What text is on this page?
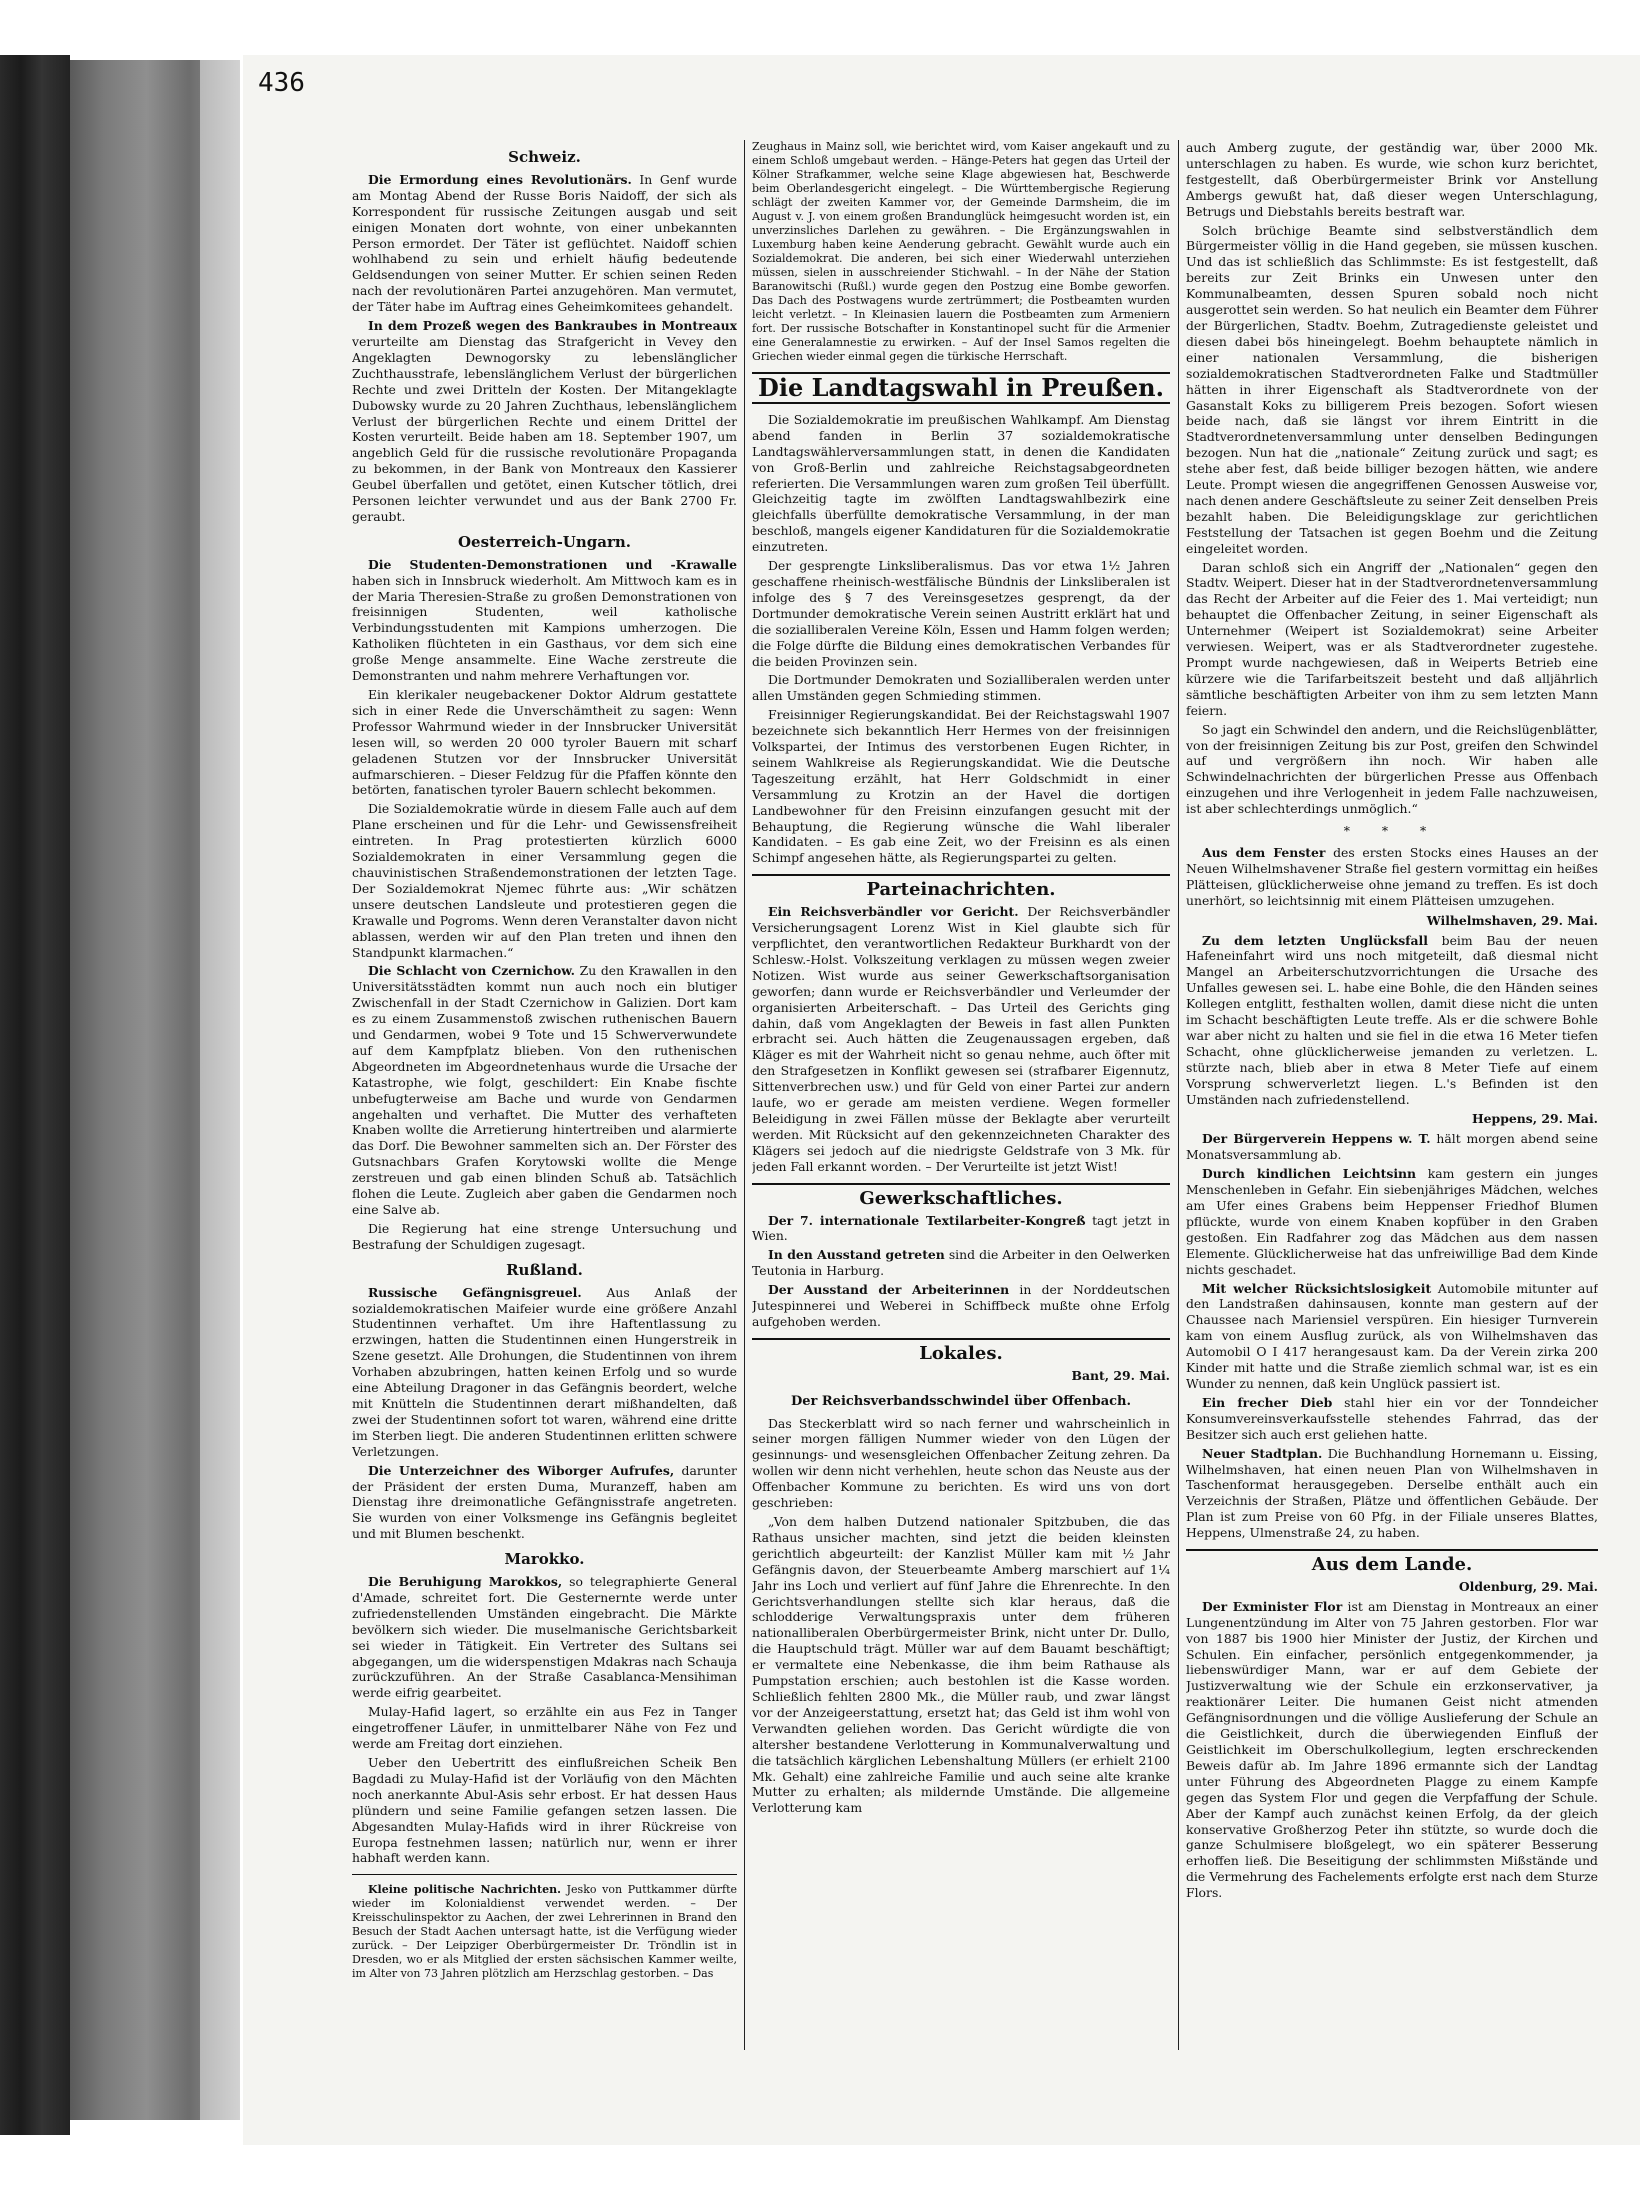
436
Schweiz.

Die Ermordung eines Revolutionärs. In Genf wurde am Montag Abend der Russe Boris Naidoff, der sich als Korrespondent für russische Zeitungen ausgab und seit einigen Monaten dort wohnte, von einer unbekannten Person ermordet. Der Täter ist geflüchtet. Naidoff schien wohlhabend zu sein und erhielt häufig bedeutende Geldsendungen von seiner Mutter. Er schien seinen Reden nach der revolutionären Partei anzugehören. Man vermutet, der Täter habe im Auftrag eines Geheimkomitees gehandelt.

In dem Prozeß wegen des Bankraubes in Montreaux verurteilte am Dienstag das Strafgericht in Vevey den Angeklagten Dewnogorsky zu lebenslänglicher Zuchthausstrafe, lebenslänglichem Verlust der bürgerlichen Rechte und zwei Dritteln der Kosten. Der Mitangeklagte Dubowsky wurde zu 20 Jahren Zuchthaus, lebenslänglichem Verlust der bürgerlichen Rechte und einem Drittel der Kosten verurteilt. Beide haben am 18. September 1907, um angeblich Geld für die russische revolutionäre Propaganda zu bekommen, in der Bank von Montreaux den Kassierer Geubel überfallen und getötet, einen Kutscher tötlich, drei Personen leichter verwundet und aus der Bank 2700 Fr. geraubt.

Oesterreich-Ungarn.

Die Studenten-Demonstrationen und -Krawalle haben sich in Innsbruck wiederholt. Am Mittwoch kam es in der Maria Theresien-Straße zu großen Demonstrationen von freisinnigen Studenten, weil katholische Verbindungsstudenten mit Kampions umherzogen. Die Katholiken flüchteten in ein Gasthaus, vor dem sich eine große Menge ansammelte. Eine Wache zerstreute die Demonstranten und nahm mehrere Verhaftungen vor.

Ein klerikaler neugebackener Doktor Aldrum gestattete sich in einer Rede die Unverschämtheit zu sagen: Wenn Professor Wahrmund wieder in der Innsbrucker Universität lesen will, so werden 20 000 tyroler Bauern mit scharf geladenen Stutzen vor der Innsbrucker Universität aufmarschieren. – Dieser Feldzug für die Pfaffen könnte den betörten, fanatischen tyroler Bauern schlecht bekommen.

Die Sozialdemokratie würde in diesem Falle auch auf dem Plane erscheinen und für die Lehr- und Gewissensfreiheit eintreten. In Prag protestierten kürzlich 6000 Sozialdemokraten in einer Versammlung gegen die chauvinistischen Straßendemonstrationen der letzten Tage. Der Sozialdemokrat Njemec führte aus: „Wir schätzen unsere deutschen Landsleute und protestieren gegen die Krawalle und Pogroms. Wenn deren Veranstalter davon nicht ablassen, werden wir auf den Plan treten und ihnen den Standpunkt klarmachen.“

Die Schlacht von Czernichow. Zu den Krawallen in den Universitätsstädten kommt nun auch noch ein blutiger Zwischenfall in der Stadt Czernichow in Galizien. Dort kam es zu einem Zusammenstoß zwischen ruthenischen Bauern und Gendarmen, wobei 9 Tote und 15 Schwerverwundete auf dem Kampfplatz blieben. Von den ruthenischen Abgeordneten im Abgeordnetenhaus wurde die Ursache der Katastrophe, wie folgt, geschildert: Ein Knabe fischte unbefugterweise am Bache und wurde von Gendarmen angehalten und verhaftet. Die Mutter des verhafteten Knaben wollte die Arretierung hintertreiben und alarmierte das Dorf. Die Bewohner sammelten sich an. Der Förster des Gutsnachbars Grafen Korytowski wollte die Menge zerstreuen und gab einen blinden Schuß ab. Tatsächlich flohen die Leute. Zugleich aber gaben die Gendarmen noch eine Salve ab.

Die Regierung hat eine strenge Untersuchung und Bestrafung der Schuldigen zugesagt.

Rußland.

Russische Gefängnisgreuel. Aus Anlaß der sozialdemokratischen Maifeier wurde eine größere Anzahl Studentinnen verhaftet. Um ihre Haftentlassung zu erzwingen, hatten die Studentinnen einen Hungerstreik in Szene gesetzt. Alle Drohungen, die Studentinnen von ihrem Vorhaben abzubringen, hatten keinen Erfolg und so wurde eine Abteilung Dragoner in das Gefängnis beordert, welche mit Knütteln die Studentinnen derart mißhandelten, daß zwei der Studentinnen sofort tot waren, während eine dritte im Sterben liegt. Die anderen Studentinnen erlitten schwere Verletzungen.

Die Unterzeichner des Wiborger Aufrufes, darunter der Präsident der ersten Duma, Muranzeff, haben am Dienstag ihre dreimonatliche Gefängnisstrafe angetreten. Sie wurden von einer Volksmenge ins Gefängnis begleitet und mit Blumen beschenkt.

Marokko.

Die Beruhigung Marokkos, so telegraphierte General d'Amade, schreitet fort. Die Gesternernte werde unter zufriedenstellenden Umständen eingebracht. Die Märkte bevölkern sich wieder. Die muselmanische Gerichtsbarkeit sei wieder in Tätigkeit. Ein Vertreter des Sultans sei abgegangen, um die widerspenstigen Mdakras nach Schauja zurückzuführen. An der Straße Casablanca-Mensihiman werde eifrig gearbeitet.

Mulay-Hafid lagert, so erzählte ein aus Fez in Tanger eingetroffener Läufer, in unmittelbarer Nähe von Fez und werde am Freitag dort einziehen.

Ueber den Uebertritt des einflußreichen Scheik Ben Bagdadi zu Mulay-Hafid ist der Vorläufig von den Mächten noch anerkannte Abul-Asis sehr erbost. Er hat dessen Haus plündern und seine Familie gefangen setzen lassen. Die Abgesandten Mulay-Hafids wird in ihrer Rückreise von Europa festnehmen lassen; natürlich nur, wenn er ihrer habhaft werden kann.

Kleine politische Nachrichten. Jesko von Puttkammer dürfte wieder im Kolonialdienst verwendet werden. – Der Kreisschulinspektor zu Aachen, der zwei Lehrerinnen in Brand den Besuch der Stadt Aachen untersagt hatte, ist die Verfügung wieder zurück. – Der Leipziger Oberbürgermeister Dr. Tröndlin ist in Dresden, wo er als Mitglied der ersten sächsischen Kammer weilte, im Alter von 73 Jahren plötzlich am Herzschlag gestorben. – Das

Zeughaus in Mainz soll, wie berichtet wird, vom Kaiser angekauft und zu einem Schloß umgebaut werden. – Hänge-Peters hat gegen das Urteil der Kölner Strafkammer, welche seine Klage abgewiesen hat, Beschwerde beim Oberlandesgericht eingelegt. – Die Württembergische Regierung schlägt der zweiten Kammer vor, der Gemeinde Darmsheim, die im August v. J. von einem großen Brandunglück heimgesucht worden ist, ein unverzinsliches Darlehen zu gewähren. – Die Ergänzungswahlen in Luxemburg haben keine Aenderung gebracht. Gewählt wurde auch ein Sozialdemokrat. Die anderen, bei sich einer Wiederwahl unterziehen müssen, sielen in ausschreiender Stichwahl. – In der Nähe der Station Baranowitschi (Rußl.) wurde gegen den Postzug eine Bombe geworfen. Das Dach des Postwagens wurde zertrümmert; die Postbeamten wurden leicht verletzt. – In Kleinasien lauern die Postbeamten zum Armeniern fort. Der russische Botschafter in Konstantinopel sucht für die Armenier eine Generalamnestie zu erwirken. – Auf der Insel Samos regelten die Griechen wieder einmal gegen die türkische Herrschaft.

Die Landtagswahl in Preußen.

Die Sozialdemokratie im preußischen Wahlkampf. Am Dienstag abend fanden in Berlin 37 sozialdemokratische Landtagswählerversammlungen statt, in denen die Kandidaten von Groß-Berlin und zahlreiche Reichstagsabgeordneten referierten. Die Versammlungen waren zum großen Teil überfüllt. Gleichzeitig tagte im zwölften Landtagswahlbezirk eine gleichfalls überfüllte demokratische Versammlung, in der man beschloß, mangels eigener Kandidaturen für die Sozialdemokratie einzutreten.

Der gesprengte Linksliberalismus. Das vor etwa 1½ Jahren geschaffene rheinisch-westfälische Bündnis der Linksliberalen ist infolge des § 7 des Vereinsgesetzes gesprengt, da der Dortmunder demokratische Verein seinen Austritt erklärt hat und die sozialliberalen Vereine Köln, Essen und Hamm folgen werden; die Folge dürfte die Bildung eines demokratischen Verbandes für die beiden Provinzen sein.

Die Dortmunder Demokraten und Sozialliberalen werden unter allen Umständen gegen Schmieding stimmen.

Freisinniger Regierungskandidat. Bei der Reichstagswahl 1907 bezeichnete sich bekanntlich Herr Hermes von der freisinnigen Volkspartei, der Intimus des verstorbenen Eugen Richter, in seinem Wahlkreise als Regierungskandidat. Wie die Deutsche Tageszeitung erzählt, hat Herr Goldschmidt in einer Versammlung zu Krotzin an der Havel die dortigen Landbewohner für den Freisinn einzufangen gesucht mit der Behauptung, die Regierung wünsche die Wahl liberaler Kandidaten. – Es gab eine Zeit, wo der Freisinn es als einen Schimpf angesehen hätte, als Regierungspartei zu gelten.

Parteinachrichten.

Ein Reichsverbändler vor Gericht. Der Reichsverbändler Versicherungsagent Lorenz Wist in Kiel glaubte sich für verpflichtet, den verantwortlichen Redakteur Burkhardt von der Schlesw.-Holst. Volkszeitung verklagen zu müssen wegen zweier Notizen. Wist wurde aus seiner Gewerkschaftsorganisation geworfen; dann wurde er Reichsverbändler und Verleumder der organisierten Arbeiterschaft. – Das Urteil des Gerichts ging dahin, daß vom Angeklagten der Beweis in fast allen Punkten erbracht sei. Auch hätten die Zeugenaussagen ergeben, daß Kläger es mit der Wahrheit nicht so genau nehme, auch öfter mit den Strafgesetzen in Konflikt gewesen sei (strafbarer Eigennutz, Sittenverbrechen usw.) und für Geld von einer Partei zur andern laufe, wo er gerade am meisten verdiene. Wegen formeller Beleidigung in zwei Fällen müsse der Beklagte aber verurteilt werden. Mit Rücksicht auf den gekennzeichneten Charakter des Klägers sei jedoch auf die niedrigste Geldstrafe von 3 Mk. für jeden Fall erkannt worden. – Der Verurteilte ist jetzt Wist!

Gewerkschaftliches.

Der 7. internationale Textilarbeiter-Kongreß tagt jetzt in Wien.

In den Ausstand getreten sind die Arbeiter in den Oelwerken Teutonia in Harburg.

Der Ausstand der Arbeiterinnen in der Norddeutschen Jutespinnerei und Weberei in Schiffbeck mußte ohne Erfolg aufgehoben werden.

Lokales.
Bant, 29. Mai.
Der Reichsverbandsschwindel über Offenbach.

Das Steckerblatt wird so nach ferner und wahrscheinlich in seiner morgen fälligen Nummer wieder von den Lügen der gesinnungs- und wesensgleichen Offenbacher Zeitung zehren. Da wollen wir denn nicht verhehlen, heute schon das Neuste aus der Offenbacher Kommune zu berichten. Es wird uns von dort geschrieben:

„Von dem halben Dutzend nationaler Spitzbuben, die das Rathaus unsicher machten, sind jetzt die beiden kleinsten gerichtlich abgeurteilt: der Kanzlist Müller kam mit ½ Jahr Gefängnis davon, der Steuerbeamte Amberg marschiert auf 1¼ Jahr ins Loch und verliert auf fünf Jahre die Ehrenrechte. In den Gerichtsverhandlungen stellte sich klar heraus, daß die schlodderige Verwaltungspraxis unter dem früheren nationalliberalen Oberbürgermeister Brink, nicht unter Dr. Dullo, die Hauptschuld trägt. Müller war auf dem Bauamt beschäftigt; er vermaltete eine Nebenkasse, die ihm beim Rathause als Pumpstation erschien; auch bestohlen ist die Kasse worden. Schließlich fehlten 2800 Mk., die Müller raub, und zwar längst vor der Anzeigeerstattung, ersetzt hat; das Geld ist ihm wohl von Verwandten geliehen worden. Das Gericht würdigte die von altersher bestandene Verlotterung in Kommunalverwaltung und die tatsächlich kärglichen Lebenshaltung Müllers (er erhielt 2100 Mk. Gehalt) eine zahlreiche Familie und auch seine alte kranke Mutter zu erhalten; als mildernde Umstände. Die allgemeine Verlotterung kam

auch Amberg zugute, der geständig war, über 2000 Mk. unterschlagen zu haben. Es wurde, wie schon kurz berichtet, festgestellt, daß Oberbürgermeister Brink vor Anstellung Ambergs gewußt hat, daß dieser wegen Unterschlagung, Betrugs und Diebstahls bereits bestraft war.

Solch brüchige Beamte sind selbstverständlich dem Bürgermeister völlig in die Hand gegeben, sie müssen kuschen. Und das ist schließlich das Schlimmste: Es ist festgestellt, daß bereits zur Zeit Brinks ein Unwesen unter den Kommunalbeamten, dessen Spuren sobald noch nicht ausgerottet sein werden. So hat neulich ein Beamter dem Führer der Bürgerlichen, Stadtv. Boehm, Zutragedienste geleistet und diesen dabei bös hineingelegt. Boehm behauptete nämlich in einer nationalen Versammlung, die bisherigen sozialdemokratischen Stadtverordneten Falke und Stadtmüller hätten in ihrer Eigenschaft als Stadtverordnete von der Gasanstalt Koks zu billigerem Preis bezogen. Sofort wiesen beide nach, daß sie längst vor ihrem Eintritt in die Stadtverordnetenversammlung unter denselben Bedingungen bezogen. Nun hat die „nationale“ Zeitung zurück und sagt; es stehe aber fest, daß beide billiger bezogen hätten, wie andere Leute. Prompt wiesen die angegriffenen Genossen Ausweise vor, nach denen andere Geschäftsleute zu seiner Zeit denselben Preis bezahlt haben. Die Beleidigungsklage zur gerichtlichen Feststellung der Tatsachen ist gegen Boehm und die Zeitung eingeleitet worden.

Daran schloß sich ein Angriff der „Nationalen“ gegen den Stadtv. Weipert. Dieser hat in der Stadtverordnetenversammlung das Recht der Arbeiter auf die Feier des 1. Mai verteidigt; nun behauptet die Offenbacher Zeitung, in seiner Eigenschaft als Unternehmer (Weipert ist Sozialdemokrat) seine Arbeiter verwiesen. Weipert, was er als Stadtverordneter zugestehe. Prompt wurde nachgewiesen, daß in Weiperts Betrieb eine kürzere wie die Tarifarbeitszeit besteht und daß alljährlich sämtliche beschäftigten Arbeiter von ihm zu sem letzten Mann feiern.

So jagt ein Schwindel den andern, und die Reichslügenblätter, von der freisinnigen Zeitung bis zur Post, greifen den Schwindel auf und vergrößern ihn noch. Wir haben alle Schwindelnachrichten der bürgerlichen Presse aus Offenbach einzugehen und ihre Verlogenheit in jedem Falle nachzuweisen, ist aber schlechterdings unmöglich.“

* * *

Aus dem Fenster des ersten Stocks eines Hauses an der Neuen Wilhelmshavener Straße fiel gestern vormittag ein heißes Plätteisen, glücklicherweise ohne jemand zu treffen. Es ist doch unerhört, so leichtsinnig mit einem Plätteisen umzugehen.

Wilhelmshaven, 29. Mai.

Zu dem letzten Unglücksfall beim Bau der neuen Hafeneinfahrt wird uns noch mitgeteilt, daß diesmal nicht Mangel an Arbeiterschutzvorrichtungen die Ursache des Unfalles gewesen sei. L. habe eine Bohle, die den Händen seines Kollegen entglitt, festhalten wollen, damit diese nicht die unten im Schacht beschäftigten Leute treffe. Als er die schwere Bohle war aber nicht zu halten und sie fiel in die etwa 16 Meter tiefen Schacht, ohne glücklicherweise jemanden zu verletzen. L. stürzte nach, blieb aber in etwa 8 Meter Tiefe auf einem Vorsprung schwerverletzt liegen. L.'s Befinden ist den Umständen nach zufriedenstellend.

Heppens, 29. Mai.

Der Bürgerverein Heppens w. T. hält morgen abend seine Monatsversammlung ab.

Durch kindlichen Leichtsinn kam gestern ein junges Menschenleben in Gefahr. Ein siebenjähriges Mädchen, welches am Ufer eines Grabens beim Heppenser Friedhof Blumen pflückte, wurde von einem Knaben kopfüber in den Graben gestoßen. Ein Radfahrer zog das Mädchen aus dem nassen Elemente. Glücklicherweise hat das unfreiwillige Bad dem Kinde nichts geschadet.

Mit welcher Rücksichtslosigkeit Automobile mitunter auf den Landstraßen dahinsausen, konnte man gestern auf der Chaussee nach Mariensiel verspüren. Ein hiesiger Turnverein kam von einem Ausflug zurück, als von Wilhelmshaven das Automobil O I 417 herangesaust kam. Da der Verein zirka 200 Kinder mit hatte und die Straße ziemlich schmal war, ist es ein Wunder zu nennen, daß kein Unglück passiert ist.

Ein frecher Dieb stahl hier ein vor der Tonndeicher Konsumvereinsverkaufsstelle stehendes Fahrrad, das der Besitzer sich auch erst geliehen hatte.

Neuer Stadtplan. Die Buchhandlung Hornemann u. Eissing, Wilhelmshaven, hat einen neuen Plan von Wilhelmshaven in Taschenformat herausgegeben. Derselbe enthält auch ein Verzeichnis der Straßen, Plätze und öffentlichen Gebäude. Der Plan ist zum Preise von 60 Pfg. in der Filiale unseres Blattes, Heppens, Ulmenstraße 24, zu haben.

Aus dem Lande.
Oldenburg, 29. Mai.

Der Exminister Flor ist am Dienstag in Montreaux an einer Lungenentzündung im Alter von 75 Jahren gestorben. Flor war von 1887 bis 1900 hier Minister der Justiz, der Kirchen und Schulen. Ein einfacher, persönlich entgegenkommender, ja liebenswürdiger Mann, war er auf dem Gebiete der Justizverwaltung wie der Schule ein erzkonservativer, ja reaktionärer Leiter. Die humanen Geist nicht atmenden Gefängnisordnungen und die völlige Auslieferung der Schule an die Geistlichkeit, durch die überwiegenden Einfluß der Geistlichkeit im Oberschulkollegium, legten erschreckenden Beweis dafür ab. Im Jahre 1896 ermannte sich der Landtag unter Führung des Abgeordneten Plagge zu einem Kampfe gegen das System Flor und gegen die Verpfaffung der Schule. Aber der Kampf auch zunächst keinen Erfolg, da der gleich konservative Großherzog Peter ihn stützte, so wurde doch die ganze Schulmisere bloßgelegt, wo ein späterer Besserung erhoffen ließ. Die Beseitigung der schlimmsten Mißstände und die Vermehrung des Fachelements erfolgte erst nach dem Sturze Flors.
